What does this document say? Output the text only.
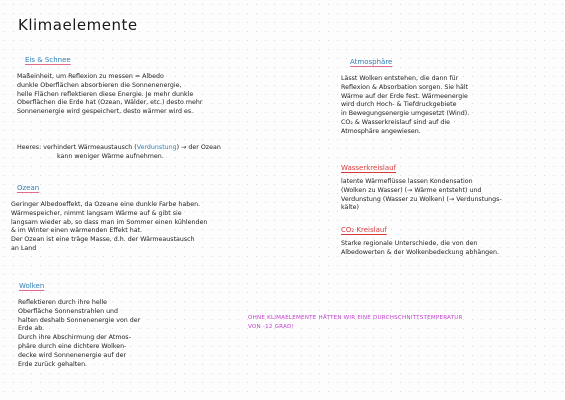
Klimaelemente
Eis & Schnee
Maßeinheit, um Reflexion zu messen = Albedo
dunkle Oberflächen absorbieren die Sonnenenergie,
helle Flächen reflektieren diese Energie. Je mehr dunkle
Oberflächen die Erde hat (Ozean, Wälder, etc.) desto mehr
Sonnenenergie wird gespeichert, desto wärmer wird es.
Heeres: verhindert Wärmeaustausch (Verdunstung) → der Ozean
kann weniger Wärme aufnehmen.
Ozean
Geringer Albedoeffekt, da Ozeane eine dunkle Farbe haben.
Wärmespeicher, nimmt langsam Wärme auf & gibt sie
langsam wieder ab, so dass man im Sommer einen kühlenden
& im Winter einen wärmenden Effekt hat.
Der Ozean ist eine träge Masse, d.h. der Wärmeaustausch
an Land
Wolken
Reflektieren durch ihre helle
Oberfläche Sonnenstrahlen und
halten deshalb Sonnenenergie von der
Erde ab.
Durch ihre Abschirmung der Atmos-
phäre durch eine dichtere Wolken-
decke wird Sonnenenergie auf der
Erde zurück gehalten.
Atmosphäre
Lässt Wolken entstehen, die dann für
Reflexion & Absorbation sorgen. Sie hält
Wärme auf der Erde fest. Wärmeenergie
wird durch Hoch- & Tiefdruckgebiete
in Bewegungsenergie umgesetzt (Wind).
CO₂ & Wasserkreislauf sind auf die
Atmosphäre angewiesen.
Wasserkreislauf
latente Wärmeflüsse lassen Kondensation
(Wolken zu Wasser) (→ Wärme entsteht) und
Verdunstung (Wasser zu Wolken) (→ Verdunstungs-
kälte)
CO₂ Kreislauf
Starke regionale Unterschiede, die von den
Albedowerten & der Wolkenbedeckung abhängen.
OHNE KLIMAELEMENTE HÄTTEN WIR EINE DURCHSCHNITTSTEMPERATUR
VON -12 GRAD!
